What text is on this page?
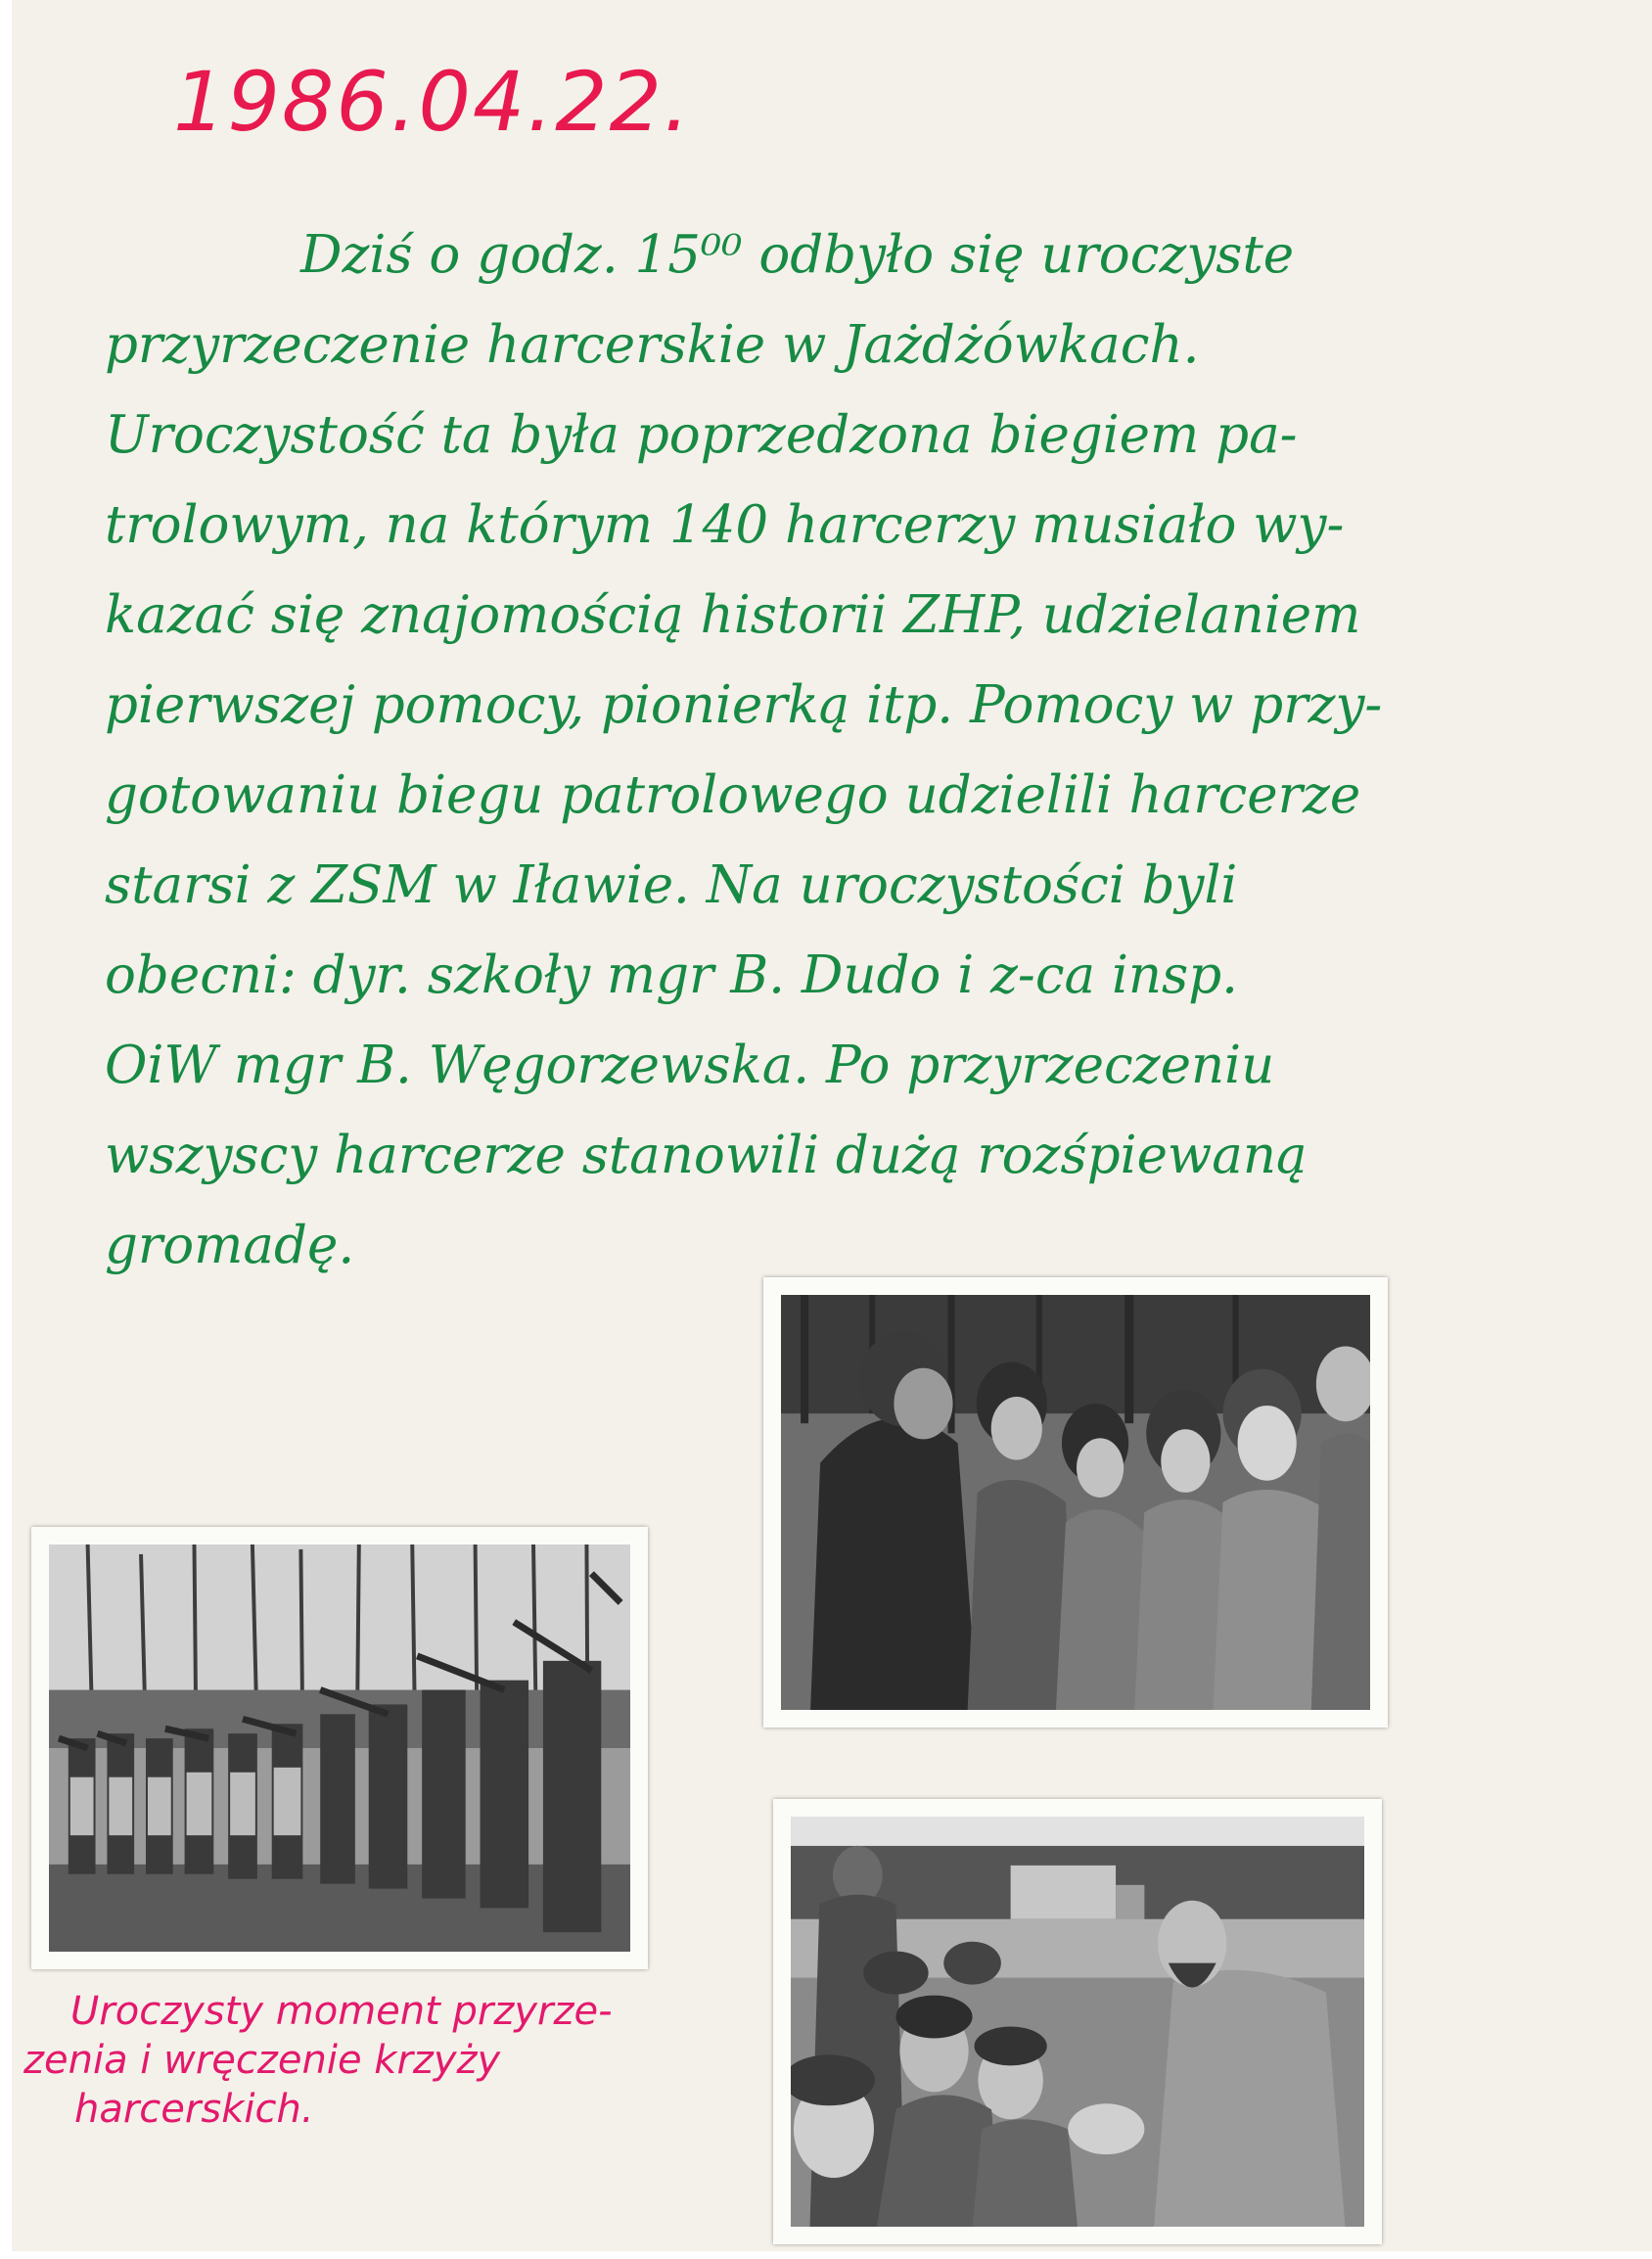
1986.04.22.
Dziś o godz. 15⁰⁰ odbyło się uroczyste
przyrzeczenie harcerskie w Jażdżówkach.
Uroczystość ta była poprzedzona biegiem pa-
trolowym, na którym 140 harcerzy musiało wy-
kazać się znajomością historii ZHP, udzielaniem
pierwszej pomocy, pionierką itp. Pomocy w przy-
gotowaniu biegu patrolowego udzielili harcerze
starsi z ZSM w Iławie. Na uroczystości byli
obecni: dyr. szkoły mgr B. Dudo i z-ca insp.
OiW mgr B. Węgorzewska. Po przyrzeczeniu
wszyscy harcerze stanowili dużą rozśpiewaną
gromadę.
Uroczysty moment przyrze-
zenia i wręczenie krzyży
harcerskich.
